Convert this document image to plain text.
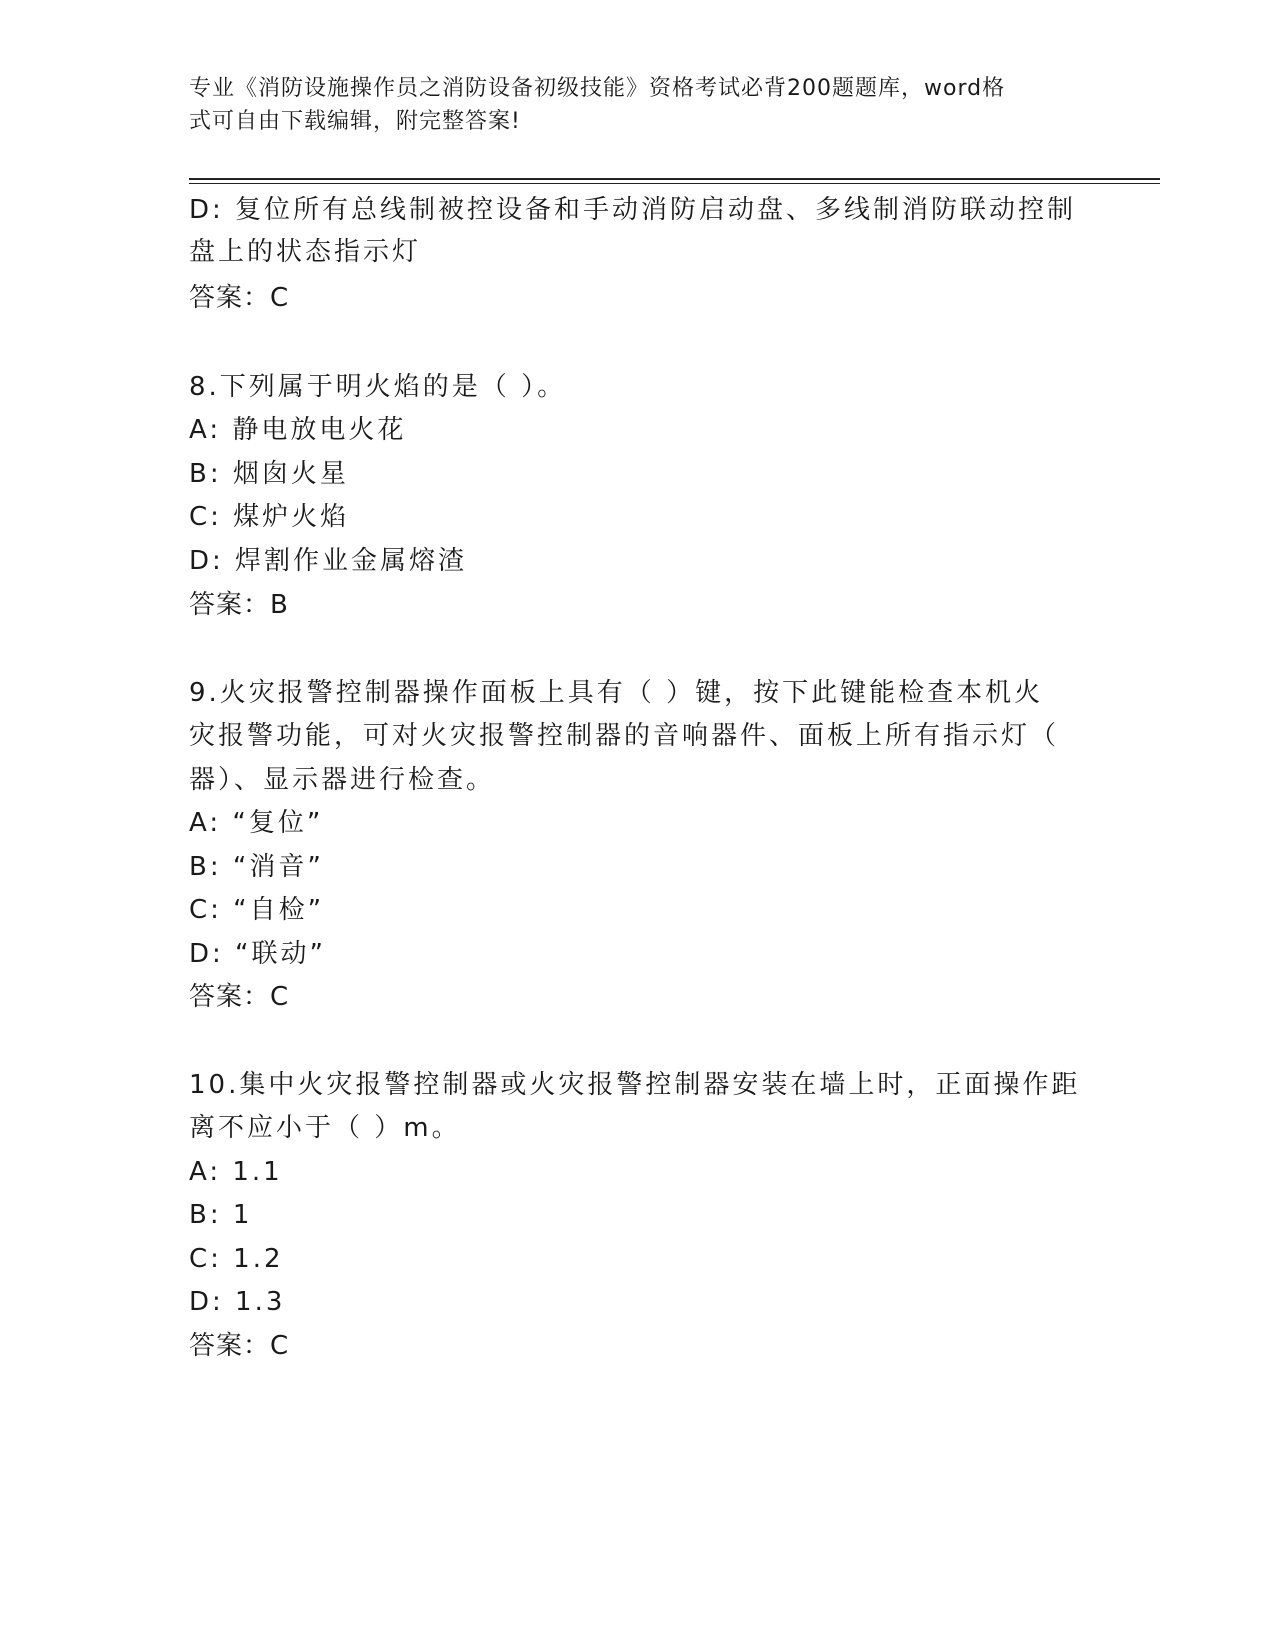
专业《消防设施操作员之消防设备初级技能》资格考试必背200题题库，word格
式可自由下载编辑，附完整答案!
D: 复位所有总线制被控设备和手动消防启动盘、多线制消防联动控制
盘上的状态指示灯
答案：C
8.下列属于明火焰的是（ ）。
A: 静电放电火花
B: 烟囱火星
C: 煤炉火焰
D: 焊割作业金属熔渣
答案：B
9.火灾报警控制器操作面板上具有（ ）键，按下此键能检查本机火
灾报警功能，可对火灾报警控制器的音响器件、面板上所有指示灯（
器）、显示器进行检查。
A: “复位”
B: “消音”
C: “自检”
D: “联动”
答案：C
10.集中火灾报警控制器或火灾报警控制器安装在墙上时，正面操作距
离不应小于（ ）m。
A: 1.1
B: 1
C: 1.2
D: 1.3
答案：C
